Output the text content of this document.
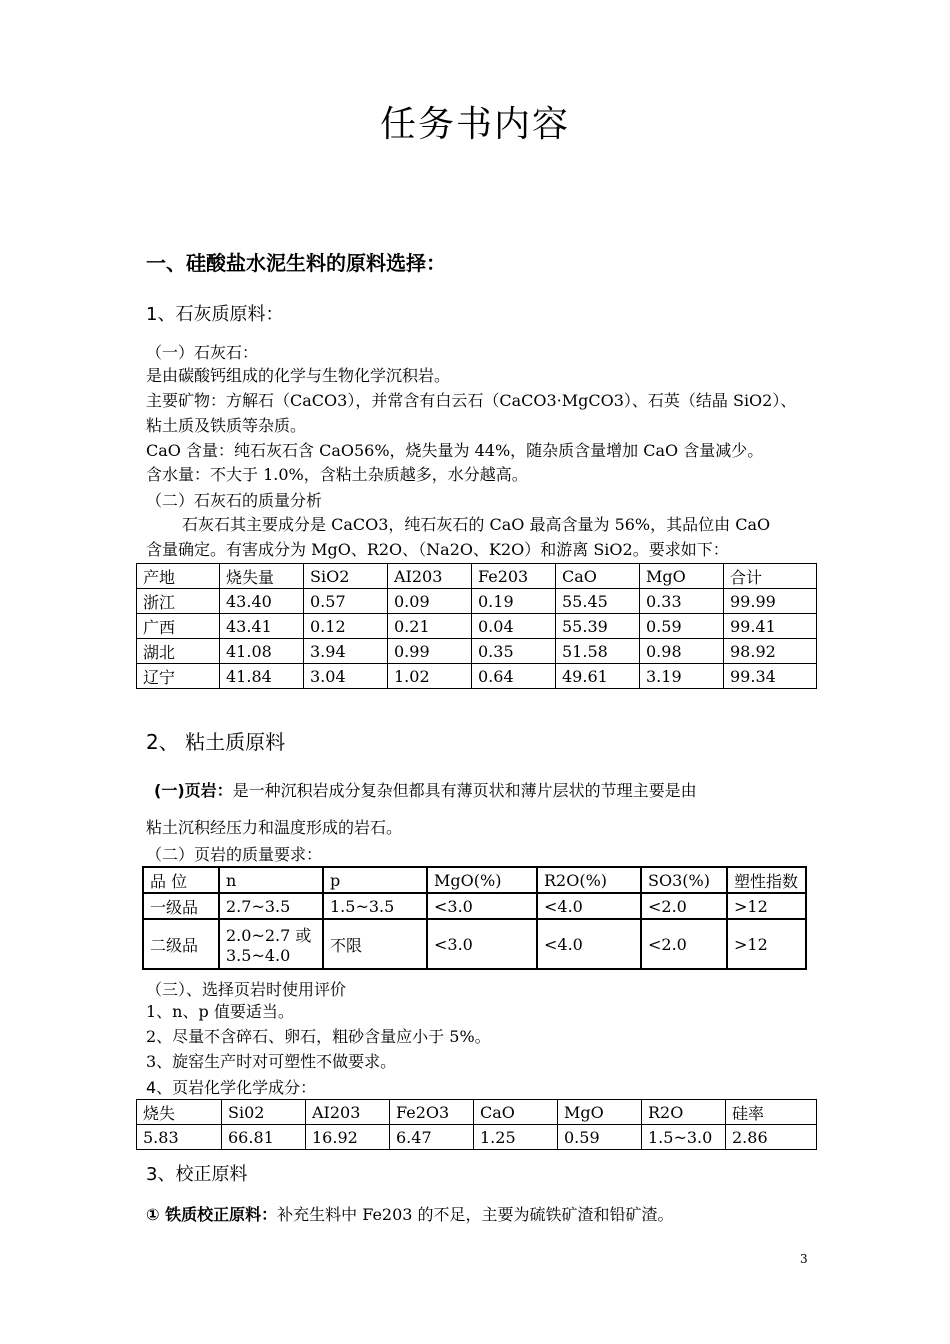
任务书内容
一、硅酸盐水泥生料的原料选择：
1、石灰质原料：
（一）石灰石：
是由碳酸钙组成的化学与生物化学沉积岩。
主要矿物：方解石（CaCO3），并常含有白云石（CaCO3·MgCO3）、石英（结晶 SiO2）、
粘土质及铁质等杂质。
CaO 含量：纯石灰石含 CaO56%，烧失量为 44%，随杂质含量增加 CaO 含量减少。
含水量：不大于 1.0%，含粘土杂质越多，水分越高。
（二）石灰石的质量分析
石灰石其主要成分是 CaCO3，纯石灰石的 CaO 最高含量为 56%，其品位由 CaO
含量确定。有害成分为 MgO、R2O、（Na2O、K2O）和游离 SiO2。要求如下：
产地	烧失量	SiO2	AI203	Fe203	CaO	MgO	合计
浙江	43.40	0.57	0.09	0.19	55.45	0.33	99.99
广西	43.41	0.12	0.21	0.04	55.39	0.59	99.41
湖北	41.08	3.94	0.99	0.35	51.58	0.98	98.92
辽宁	41.84	3.04	1.02	0.64	49.61	3.19	99.34
2、 粘土质原料
(一)页岩：是一种沉积岩成分复杂但都具有薄页状和薄片层状的节理主要是由
粘土沉积经压力和温度形成的岩石。
（二）页岩的质量要求：
品 位	n	p	MgO(%)	R2O(%)	SO3(%)	塑性指数
一级品	2.7~3.5	1.5~3.5	<3.0	<4.0	<2.0	>12
二级品	2.0~2.7 或
3.5~4.0	不限	<3.0	<4.0	<2.0	>12
（三）、选择页岩时使用评价
1、n、p 值要适当。
2、尽量不含碎石、卵石，粗砂含量应小于 5%。
3、旋窑生产时对可塑性不做要求。
4、页岩化学化学成分：
烧失	Si02	AI203	Fe2O3	CaO	MgO	R2O	硅率
5.83	66.81	16.92	6.47	1.25	0.59	1.5~3.0	2.86
3、校正原料
① 铁质校正原料：补充生料中 Fe203 的不足，主要为硫铁矿渣和铅矿渣。
3
